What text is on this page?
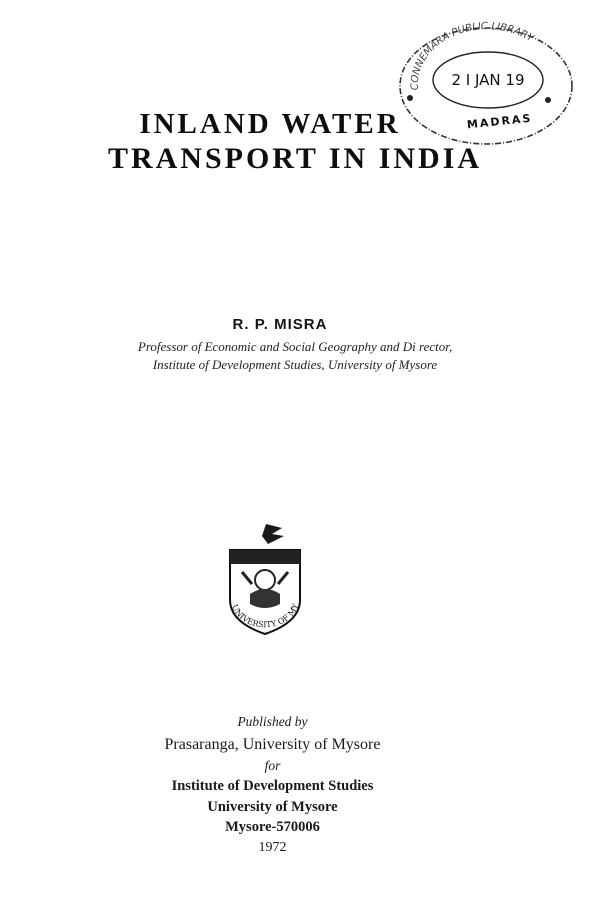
CONNEMARA PUBLIC LIBRARY
2 I JAN 19
MADRAS
INLAND WATER
TRANSPORT IN INDIA
R. P. MISRA
Professor of Economic and Social Geography and Di rector,
Institute of Development Studies, University of Mysore
UNIVERSITY OF MY
Published by
Prasaranga, University of Mysore
for
Institute of Development Studies
University of Mysore
Mysore-570006
1972
